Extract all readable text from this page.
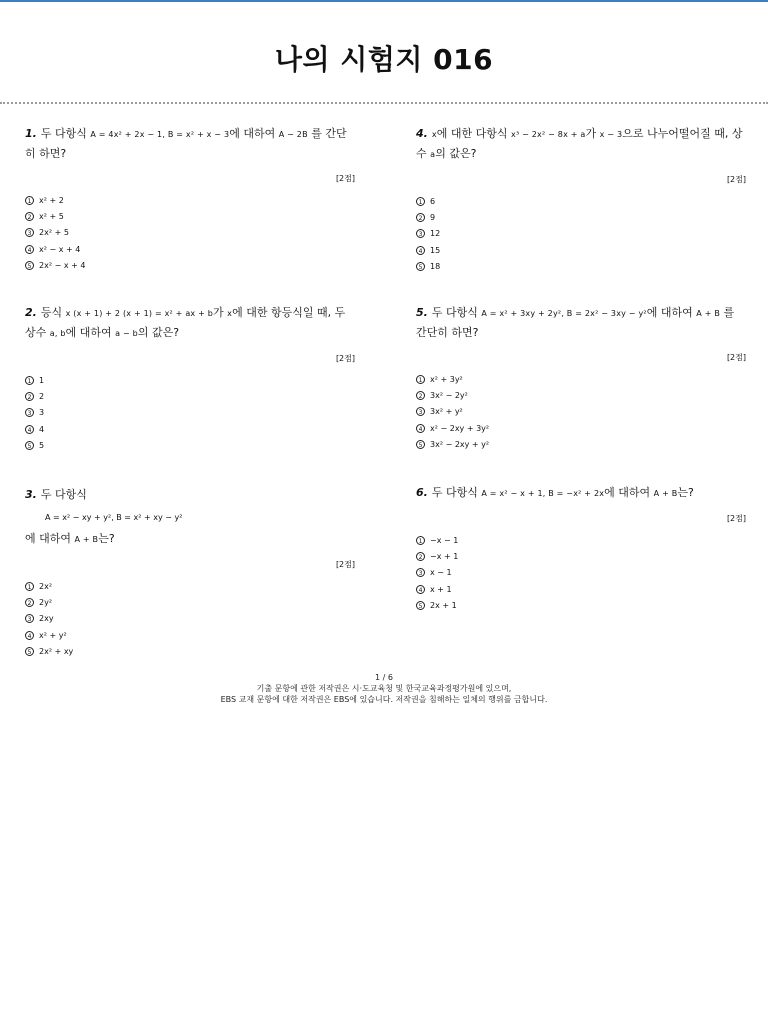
나의 시험지 016

1. 두 다항식 A = 4x² + 2x − 1, B = x² + x − 3에 대하여 A − 2B 를 간단히 하면?

[2점]
1 x² + 2
2 x² + 5
3 2x² + 5
4 x² − x + 4
5 2x² − x + 4

2. 등식 x (x + 1) + 2 (x + 1) = x² + ax + b가 x에 대한 항등식일 때, 두 상수 a, b에 대하여 a − b의 값은?

[2점]
1 1
2 2
3 3
4 4
5 5

3. 두 다항식

A = x² − xy + y², B = x² + xy − y²

에 대하여 A + B는?

[2점]
1 2x²
2 2y²
3 2xy
4 x² + y²
5 2x² + xy

4. x에 대한 다항식 x³ − 2x² − 8x + a가 x − 3으로 나누어떨어질 때, 상수 a의 값은?

[2점]
1 6
2 9
3 12
4 15
5 18

5. 두 다항식 A = x² + 3xy + 2y², B = 2x² − 3xy − y²에 대하여 A + B 를 간단히 하면?

[2점]
1 x² + 3y²
2 3x² − 2y²
3 3x² + y²
4 x² − 2xy + 3y²
5 3x² − 2xy + y²

6. 두 다항식 A = x² − x + 1, B = −x² + 2x에 대하여 A + B는?

[2점]
1 −x − 1
2 −x + 1
3 x − 1
4 x + 1
5 2x + 1
1 / 6
기출 문항에 관한 저작권은 시·도교육청 및 한국교육과정평가원에 있으며,
EBS 교재 문항에 대한 저작권은 EBS에 있습니다. 저작권을 침해하는 일체의 행위를 금합니다.
